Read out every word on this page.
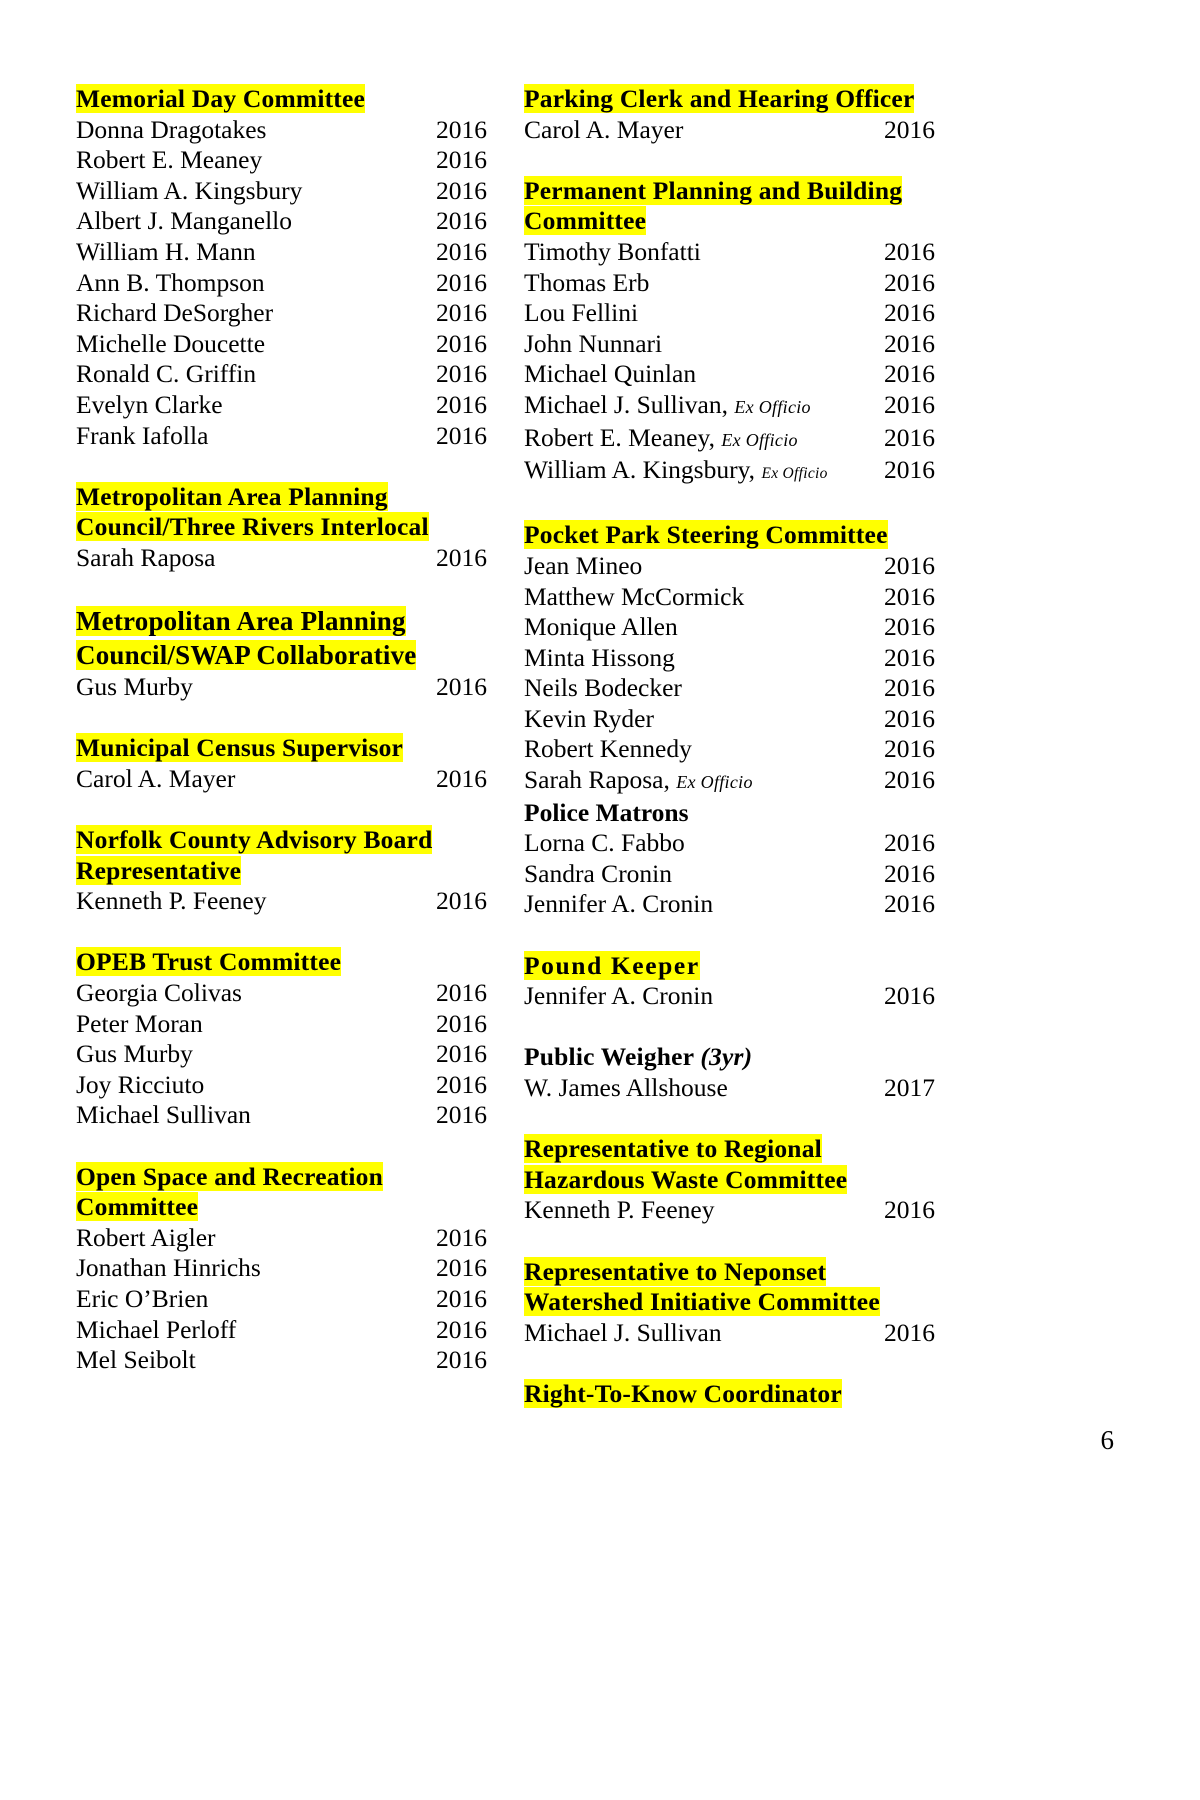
Memorial Day Committee
Donna Dragotakes	2016
Robert E. Meaney	2016
William A. Kingsbury	2016
Albert J. Manganello	2016
William H. Mann	2016
Ann B. Thompson	2016
Richard DeSorgher	2016
Michelle Doucette	2016
Ronald C. Griffin	2016
Evelyn Clarke	2016
Frank Iafolla	2016
Metropolitan Area Planning
Council/Three Rivers Interlocal
Sarah Raposa	2016
Metropolitan Area Planning
Council/SWAP Collaborative
Gus Murby	2016
Municipal Census Supervisor
Carol A. Mayer	2016
Norfolk County Advisory Board
Representative
Kenneth P. Feeney	2016
OPEB Trust Committee
Georgia Colivas	2016
Peter Moran	2016
Gus Murby	2016
Joy Ricciuto	2016
Michael Sullivan	2016
Open Space and Recreation
Committee
Robert Aigler	2016
Jonathan Hinrichs	2016
Eric O’Brien	2016
Michael Perloff	2016
Mel Seibolt	2016
Parking Clerk and Hearing Officer
Carol A. Mayer	2016
Permanent Planning and Building
Committee
Timothy Bonfatti	2016
Thomas Erb	2016
Lou Fellini	2016
John Nunnari	2016
Michael Quinlan	2016
Michael J. Sullivan, Ex Officio	2016
Robert E. Meaney, Ex Officio	2016
William A. Kingsbury, Ex Officio	2016
Pocket Park Steering Committee
Jean Mineo	2016
Matthew McCormick	2016
Monique Allen	2016
Minta Hissong	2016
Neils Bodecker	2016
Kevin Ryder	2016
Robert Kennedy	2016
Sarah Raposa, Ex Officio	2016
Police Matrons
Lorna C. Fabbo	2016
Sandra Cronin	2016
Jennifer A. Cronin	2016
Pound Keeper
Jennifer A. Cronin	2016
Public Weigher (3yr)
W. James Allshouse	2017
Representative to Regional
Hazardous Waste Committee
Kenneth P. Feeney	2016
Representative to Neponset
Watershed Initiative Committee
Michael J. Sullivan	2016
Right-To-Know Coordinator
6
